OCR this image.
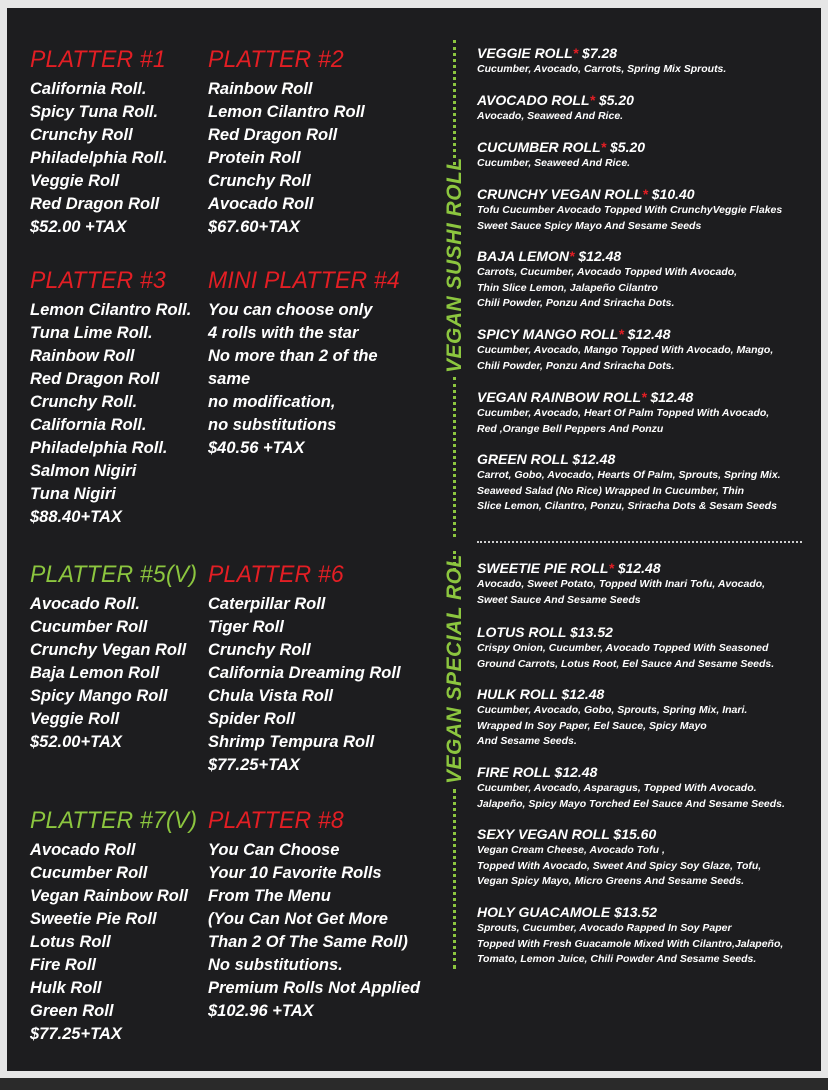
PLATTER #1
California Roll.
Spicy Tuna Roll.
Crunchy Roll
Philadelphia Roll.
Veggie Roll
Red Dragon Roll
$52.00 +TAX
PLATTER #2
Rainbow Roll
Lemon Cilantro Roll
Red Dragon Roll
Protein Roll
Crunchy Roll
Avocado Roll
$67.60+TAX
PLATTER #3
Lemon Cilantro Roll.
Tuna Lime Roll.
Rainbow Roll
Red Dragon Roll
Crunchy Roll.
California Roll.
Philadelphia Roll.
Salmon Nigiri
Tuna Nigiri
$88.40+TAX
MINI PLATTER #4
You can choose only
4 rolls with the star
No more than 2 of the
same
no modification,
no substitutions
$40.56 +TAX
PLATTER #5(V)
Avocado Roll.
Cucumber Roll
Crunchy Vegan Roll
Baja Lemon Roll
Spicy Mango Roll
Veggie Roll
$52.00+TAX
PLATTER #6
Caterpillar Roll
Tiger Roll
Crunchy Roll
California Dreaming Roll
Chula Vista Roll
Spider Roll
Shrimp Tempura Roll
$77.25+TAX
PLATTER #7(V)
Avocado Roll
Cucumber Roll
Vegan Rainbow Roll
Sweetie Pie Roll
Lotus Roll
Fire Roll
Hulk Roll
Green Roll
$77.25+TAX
PLATTER #8
You Can Choose
Your 10 Favorite Rolls
From The Menu
(You Can Not Get More
Than 2 Of The Same Roll)
No substitutions.
Premium Rolls Not Applied
$102.96 +TAX
VEGAN SUSHI ROLL
VEGAN SPECIAL ROL
VEGGIE ROLL* $7.28
Cucumber, Avocado, Carrots, Spring Mix Sprouts.
AVOCADO ROLL* $5.20
Avocado, Seaweed And Rice.
CUCUMBER ROLL* $5.20
Cucumber, Seaweed And Rice.
CRUNCHY VEGAN ROLL* $10.40
Tofu Cucumber Avocado Topped With CrunchyVeggie Flakes
Sweet Sauce Spicy Mayo And Sesame Seeds
BAJA LEMON* $12.48
Carrots, Cucumber, Avocado Topped With Avocado,
Thin Slice Lemon, Jalapeño Cilantro
Chili Powder, Ponzu And Sriracha Dots.
SPICY MANGO ROLL* $12.48
Cucumber, Avocado, Mango Topped With Avocado, Mango,
Chili Powder, Ponzu And Sriracha Dots.
VEGAN RAINBOW ROLL* $12.48
Cucumber, Avocado, Heart Of Palm Topped With Avocado,
Red ,Orange Bell Peppers And Ponzu
GREEN ROLL $12.48
Carrot, Gobo, Avocado, Hearts Of Palm, Sprouts, Spring Mix.
Seaweed Salad (No Rice) Wrapped In Cucumber, Thin
Slice Lemon, Cilantro, Ponzu, Sriracha Dots & Sesam Seeds
SWEETIE PIE ROLL* $12.48
Avocado, Sweet Potato, Topped With Inari Tofu, Avocado,
Sweet Sauce And Sesame Seeds
LOTUS ROLL $13.52
Crispy Onion, Cucumber, Avocado Topped With Seasoned
Ground Carrots, Lotus Root, Eel Sauce And Sesame Seeds.
HULK ROLL $12.48
Cucumber, Avocado, Gobo, Sprouts, Spring Mix, Inari.
Wrapped In Soy Paper, Eel Sauce, Spicy Mayo
And Sesame Seeds.
FIRE ROLL $12.48
Cucumber, Avocado, Asparagus, Topped With Avocado.
Jalapeño, Spicy Mayo Torched Eel Sauce And Sesame Seeds.
SEXY VEGAN ROLL $15.60
Vegan Cream Cheese, Avocado Tofu ,
Topped With Avocado, Sweet And Spicy Soy Glaze, Tofu,
Vegan Spicy Mayo, Micro Greens And Sesame Seeds.
HOLY GUACAMOLE $13.52
Sprouts, Cucumber, Avocado Rapped In Soy Paper
Topped With Fresh Guacamole Mixed With Cilantro,Jalapeño,
Tomato, Lemon Juice, Chili Powder And Sesame Seeds.
